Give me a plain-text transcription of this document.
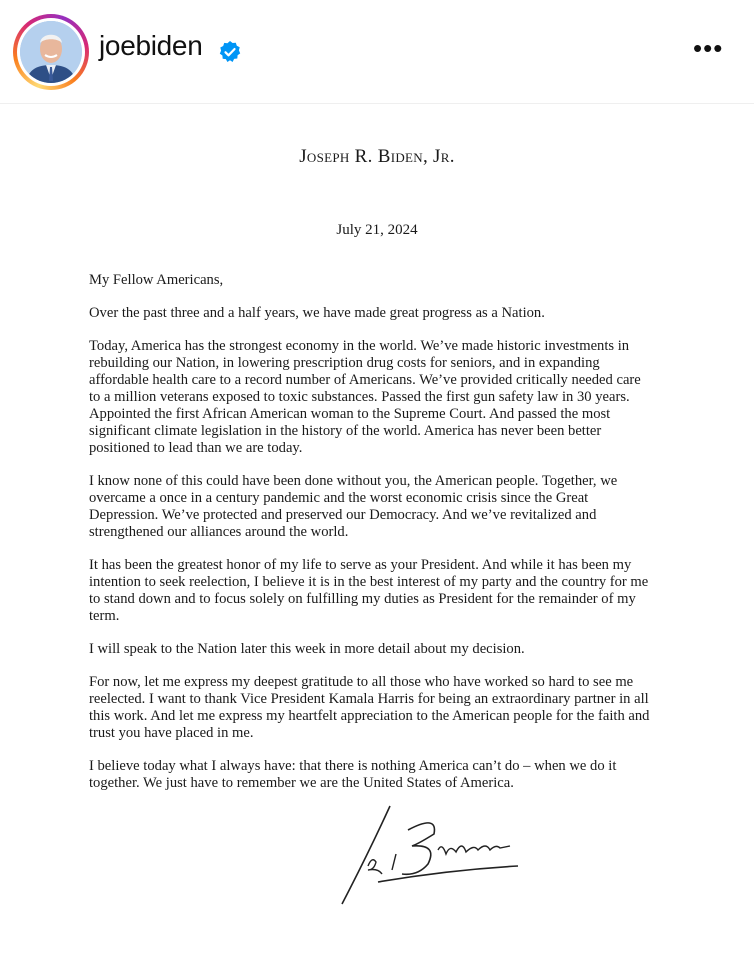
joebiden	•••
Joseph R. Biden, Jr.
July 21, 2024
My Fellow Americans,
Over the past three and a half years, we have made great progress as a Nation.
Today, America has the strongest economy in the world. We’ve made historic investments in
rebuilding our Nation, in lowering prescription drug costs for seniors, and in expanding
affordable health care to a record number of Americans. We’ve provided critically needed care
to a million veterans exposed to toxic substances. Passed the first gun safety law in 30 years.
Appointed the first African American woman to the Supreme Court. And passed the most
significant climate legislation in the history of the world. America has never been better
positioned to lead than we are today.
I know none of this could have been done without you, the American people. Together, we
overcame a once in a century pandemic and the worst economic crisis since the Great
Depression. We’ve protected and preserved our Democracy. And we’ve revitalized and
strengthened our alliances around the world.
It has been the greatest honor of my life to serve as your President. And while it has been my
intention to seek reelection, I believe it is in the best interest of my party and the country for me
to stand down and to focus solely on fulfilling my duties as President for the remainder of my
term.
I will speak to the Nation later this week in more detail about my decision.
For now, let me express my deepest gratitude to all those who have worked so hard to see me
reelected. I want to thank Vice President Kamala Harris for being an extraordinary partner in all
this work. And let me express my heartfelt appreciation to the American people for the faith and
trust you have placed in me.
I believe today what I always have: that there is nothing America can’t do – when we do it
together. We just have to remember we are the United States of America.
